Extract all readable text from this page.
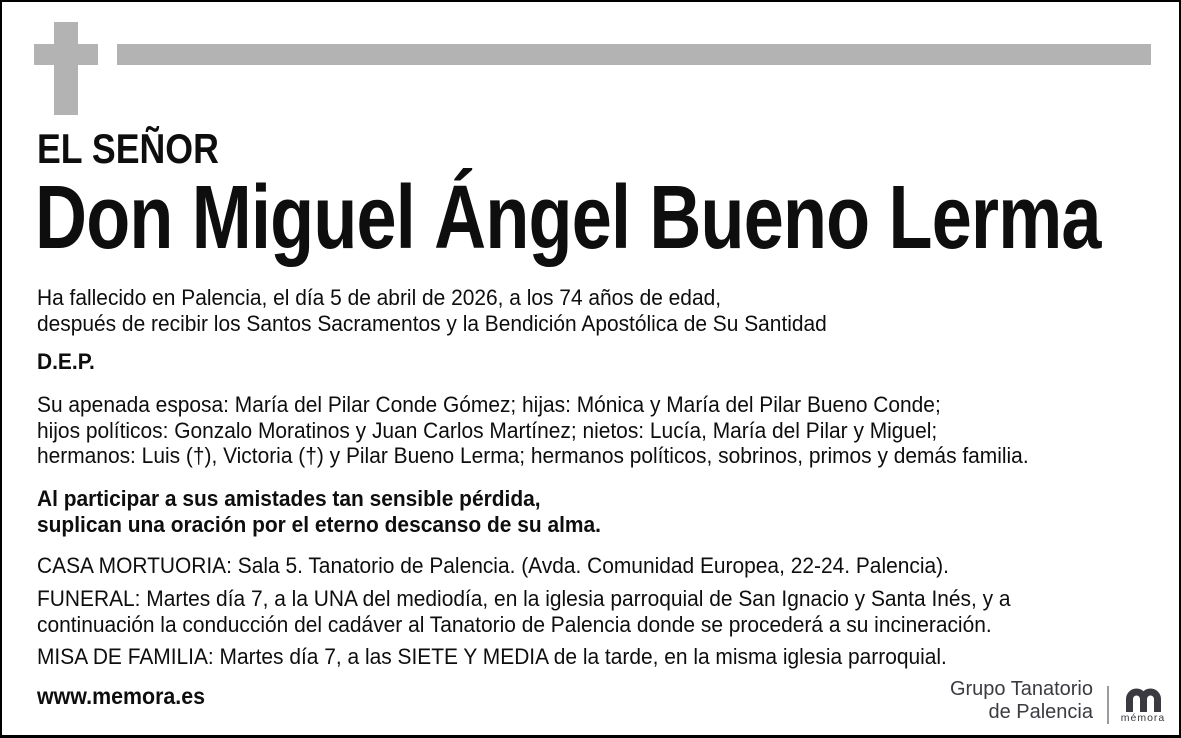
EL SEÑOR
Don Miguel Ángel Bueno Lerma
Ha fallecido en Palencia, el día 5 de abril de 2026, a los 74 años de edad,
después de recibir los Santos Sacramentos y la Bendición Apostólica de Su Santidad
D.E.P.
Su apenada esposa: María del Pilar Conde Gómez; hijas: Mónica y María del Pilar Bueno Conde;
hijos políticos: Gonzalo Moratinos y Juan Carlos Martínez; nietos: Lucía, María del Pilar y Miguel;
hermanos: Luis (†), Victoria (†) y Pilar Bueno Lerma; hermanos políticos, sobrinos, primos y demás familia.
Al participar a sus amistades tan sensible pérdida,
suplican una oración por el eterno descanso de su alma.
CASA MORTUORIA: Sala 5. Tanatorio de Palencia. (Avda. Comunidad Europea, 22-24. Palencia).
FUNERAL: Martes día 7, a la UNA del mediodía, en la iglesia parroquial de San Ignacio y Santa Inés, y a
continuación la conducción del cadáver al Tanatorio de Palencia donde se procederá a su incineración.
MISA DE FAMILIA: Martes día 7, a las SIETE Y MEDIA de la tarde, en la misma iglesia parroquial.
www.memora.es	Grupo Tanatorio
de Palencia	mémora
